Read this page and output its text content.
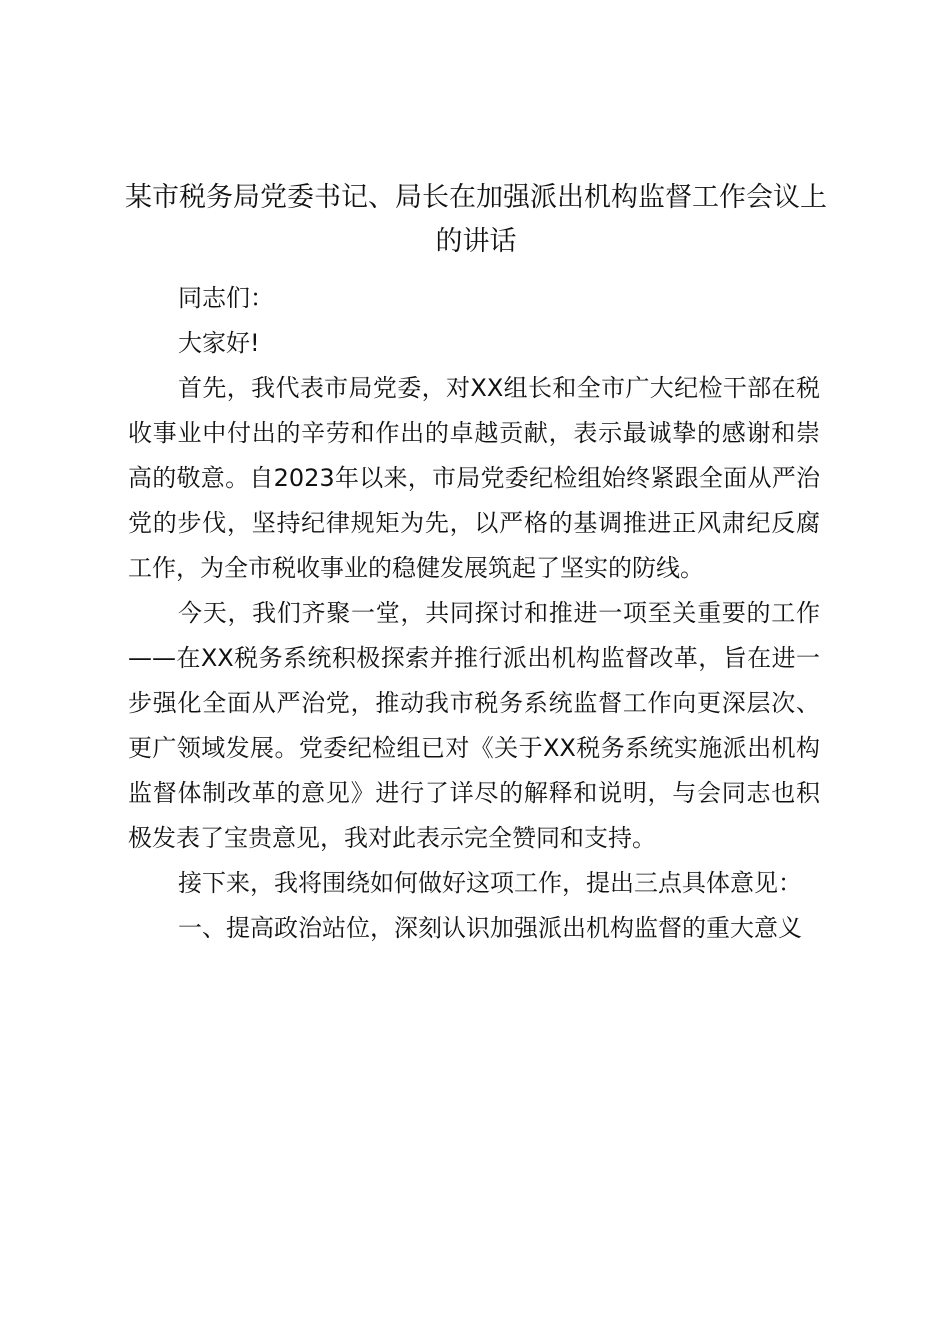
某市税务局党委书记、局长在加强派出机构监督工作会议上的讲话

同志们：

大家好!

首先，我代表市局党委，对XX组长和全市广大纪检干部在税收事业中付出的辛劳和作出的卓越贡献，表示最诚挚的感谢和崇高的敬意。自2023年以来，市局党委纪检组始终紧跟全面从严治党的步伐，坚持纪律规矩为先，以严格的基调推进正风肃纪反腐工作，为全市税收事业的稳健发展筑起了坚实的防线。

今天，我们齐聚一堂，共同探讨和推进一项至关重要的工作——在XX税务系统积极探索并推行派出机构监督改革，旨在进一步强化全面从严治党，推动我市税务系统监督工作向更深层次、更广领域发展。党委纪检组已对《关于XX税务系统实施派出机构监督体制改革的意见》进行了详尽的解释和说明，与会同志也积极发表了宝贵意见，我对此表示完全赞同和支持。

接下来，我将围绕如何做好这项工作，提出三点具体意见：

一、提高政治站位，深刻认识加强派出机构监督的重大意义
